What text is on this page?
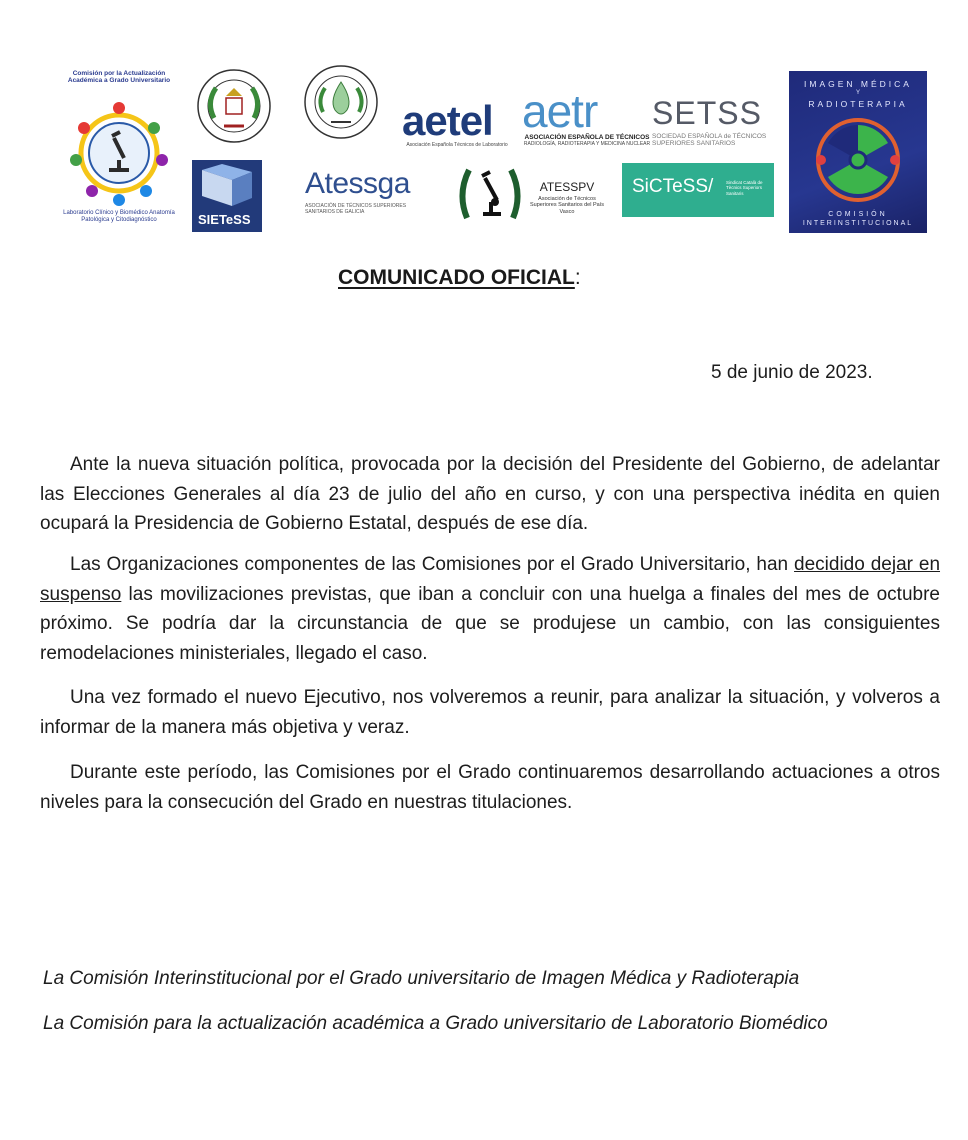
Comisión por la Actualización Académica a Grado Universitario
Laboratorio Clínico y Biomédico Anatomía Patológica y Citodiagnóstico
aetel
Asociación Española Técnicos de Laboratorio
aetr
ASOCIACIÓN ESPAÑOLA DE TÉCNICOS
RADIOLOGÍA, RADIOTERAPIA Y MEDICINA NUCLEAR
SETSS
SOCIEDAD ESPAÑOLA de TÉCNICOS SUPERIORES SANITARIOS
IMAGEN MÉDICA
Y
RADIOTERAPIA
COMISIÓN
INTERINSTITUCIONAL
SIETeSS
Atessga
ASOCIACIÓN DE TÉCNICOS SUPERIORES SANITARIOS DE GALICIA
ATESSPV
Asociación de Técnicos Superiores Sanitarios del País Vasco
SiCTeSS/	Sindicat Català de Tècnics Superiors Sanitaris
COMUNICADO OFICIAL:
5 de junio de 2023.

Ante la nueva situación política, provocada por la decisión del Presidente del Gobierno, de adelantar las Elecciones Generales al día 23 de julio del año en curso, y con una perspectiva inédita en quien ocupará la Presidencia de Gobierno Estatal, después de ese día.

Las Organizaciones componentes de las Comisiones por el Grado Universitario, han decidido dejar en suspenso las movilizaciones previstas, que iban a concluir con una huelga a finales del mes de octubre próximo. Se podría dar la circunstancia de que se produjese un cambio, con las consiguientes remodelaciones ministeriales, llegado el caso.

Una vez formado el nuevo Ejecutivo, nos volveremos a reunir, para analizar la situación, y volveros a informar de la manera más objetiva y veraz.

Durante este período, las Comisiones por el Grado continuaremos desarrollando actuaciones a otros niveles para la consecución del Grado en nuestras titulaciones.

La Comisión Interinstitucional por el Grado universitario de Imagen Médica y Radioterapia
La Comisión para la actualización académica a Grado universitario de Laboratorio Biomédico
